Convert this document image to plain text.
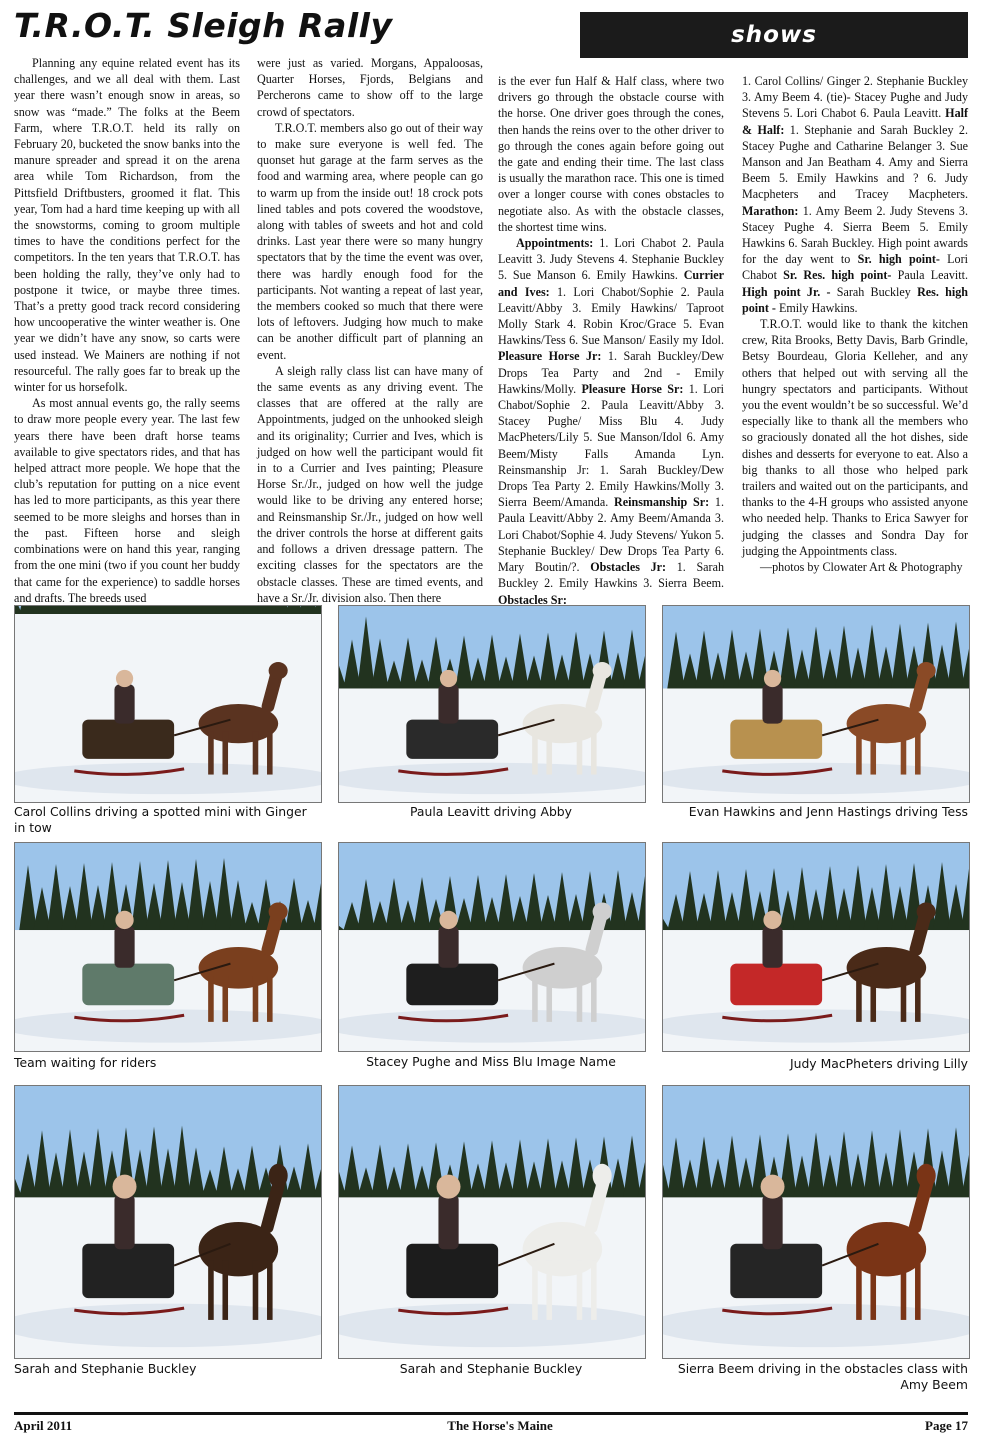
T.R.O.T. Sleigh Rally	shows

Planning any equine related event has its challenges, and we all deal with them. Last year there wasn’t enough snow in areas, so snow was “made.” The folks at the Beem Farm, where T.R.O.T. held its rally on February 20, bucketed the snow banks into the manure spreader and spread it on the arena area while Tom Richardson, from the Pittsfield Driftbusters, groomed it flat. This year, Tom had a hard time keeping up with all the snowstorms, coming to groom multiple times to have the conditions perfect for the competitors. In the ten years that T.R.O.T. has been holding the rally, they’ve only had to postpone it twice, or maybe three times. That’s a pretty good track record considering how uncooperative the winter weather is. One year we didn’t have any snow, so carts were used instead. We Mainers are nothing if not resourceful. The rally goes far to break up the winter for us horsefolk.

As most annual events go, the rally seems to draw more people every year. The last few years there have been draft horse teams available to give spectators rides, and that has helped attract more people. We hope that the club’s reputation for putting on a nice event has led to more participants, as this year there seemed to be more sleighs and horses than in the past. Fifteen horse and sleigh combinations were on hand this year, ranging from the one mini (two if you count her buddy that came for the experience) to saddle horses and drafts. The breeds used

were just as varied. Morgans, Appaloosas, Quarter Horses, Fjords, Belgians and Percherons came to show off to the large crowd of spectators.

T.R.O.T. members also go out of their way to make sure everyone is well fed. The quonset hut garage at the farm serves as the food and warming area, where people can go to warm up from the inside out! 18 crock pots lined tables and pots covered the woodstove, along with tables of sweets and hot and cold drinks. Last year there were so many hungry spectators that by the time the event was over, there was hardly enough food for the participants. Not wanting a repeat of last year, the members cooked so much that there were lots of leftovers. Judging how much to make can be another difficult part of planning an event.

A sleigh rally class list can have many of the same events as any driving event. The classes that are offered at the rally are Appointments, judged on the unhooked sleigh and its originality; Currier and Ives, which is judged on how well the participant would fit in to a Currier and Ives painting; Pleasure Horse Sr./Jr., judged on how well the judge would like to be driving any entered horse; and Reinsmanship Sr./Jr., judged on how well the driver controls the horse at different gaits and follows a driven dressage pattern. The exciting classes for the spectators are the obstacle classes. These are timed events, and have a Sr./Jr. division also. Then there

is the ever fun Half & Half class, where two drivers go through the obstacle course with the horse. One driver goes through the cones, then hands the reins over to the other driver to go through the cones again before going out the gate and ending their time. The last class is usually the marathon race. This one is timed over a longer course with cones obstacles to negotiate also. As with the obstacle classes, the shortest time wins.

Appointments: 1. Lori Chabot 2. Paula Leavitt 3. Judy Stevens 4. Stephanie Buckley 5. Sue Manson 6. Emily Hawkins. Currier and Ives: 1. Lori Chabot/Sophie 2. Paula Leavitt/Abby 3. Emily Hawkins/ Taproot Molly Stark 4. Robin Kroc/Grace 5. Evan Hawkins/Tess 6. Sue Manson/ Easily my Idol. Pleasure Horse Jr: 1. Sarah Buckley/Dew Drops Tea Party and 2nd - Emily Hawkins/Molly. Pleasure Horse Sr: 1. Lori Chabot/Sophie 2. Paula Leavitt/Abby 3. Stacey Pughe/ Miss Blu 4. Judy MacPheters/Lily 5. Sue Manson/Idol 6. Amy Beem/Misty Falls Amanda Lyn. Reinsmanship Jr: 1. Sarah Buckley/Dew Drops Tea Party 2. Emily Hawkins/Molly 3. Sierra Beem/Amanda. Reinsmanship Sr: 1. Paula Leavitt/Abby 2. Amy Beem/Amanda 3. Lori Chabot/Sophie 4. Judy Stevens/ Yukon 5. Stephanie Buckley/ Dew Drops Tea Party 6. Mary Boutin/?. Obstacles Jr: 1. Sarah Buckley 2. Emily Hawkins 3. Sierra Beem. Obstacles Sr:

1. Carol Collins/ Ginger 2. Stephanie Buckley 3. Amy Beem 4. (tie)- Stacey Pughe and Judy Stevens 5. Lori Chabot 6. Paula Leavitt. Half & Half: 1. Stephanie and Sarah Buckley 2. Stacey Pughe and Catharine Belanger 3. Sue Manson and Jan Beatham 4. Amy and Sierra Beem 5. Emily Hawkins and ? 6. Judy Macpheters and Tracey Macpheters. Marathon: 1. Amy Beem 2. Judy Stevens 3. Stacey Pughe 4. Sierra Beem 5. Emily Hawkins 6. Sarah Buckley. High point awards for the day went to Sr. high point- Lori Chabot Sr. Res. high point- Paula Leavitt. High point Jr. - Sarah Buckley Res. high point - Emily Hawkins.

T.R.O.T. would like to thank the kitchen crew, Rita Brooks, Betty Davis, Barb Grindle, Betsy Bourdeau, Gloria Kelleher, and any others that helped out with serving all the hungry spectators and participants. Without you the event wouldn’t be so successful. We’d especially like to thank all the members who so graciously donated all the hot dishes, side dishes and desserts for everyone to eat. Also a big thanks to all those who helped park trailers and waited out on the participants, and thanks to the 4-H groups who assisted anyone who needed help. Thanks to Erica Sawyer for judging the classes and Sondra Day for judging the Appointments class.

—photos by Clowater Art & Photography

Carol Collins driving a spotted mini with Ginger in tow
Paula Leavitt driving Abby	Evan Hawkins and Jenn Hastings driving Tess
Team waiting for riders	Stacey Pughe and Miss Blu Image Name	Judy MacPheters driving Lilly
Sarah and Stephanie Buckley	Sarah and Stephanie Buckley	Sierra Beem driving in the obstacles class with Amy Beem
April 2011	The Horse's Maine	Page 17
